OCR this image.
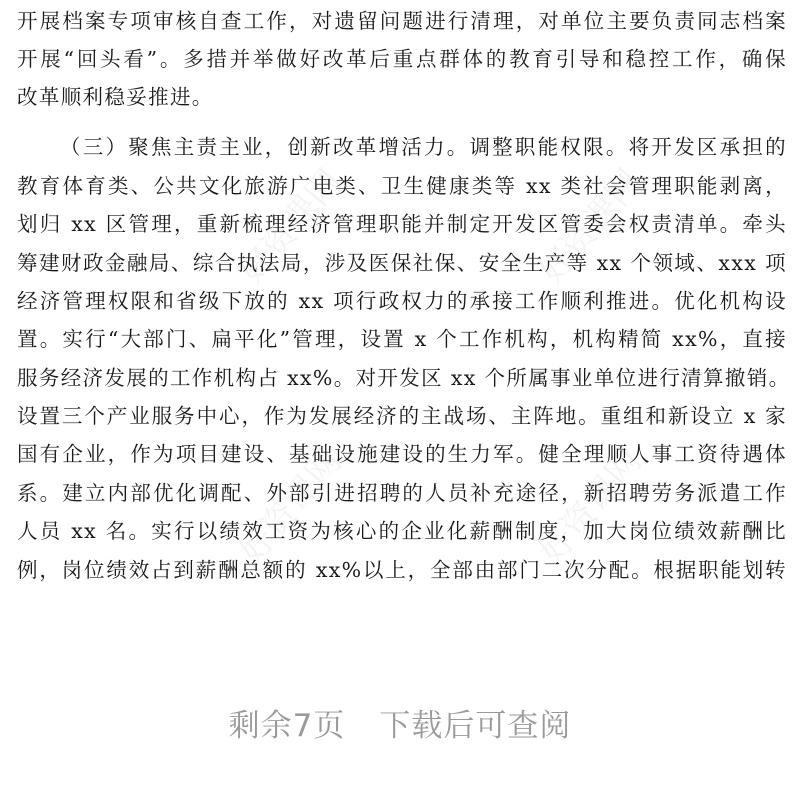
好资课网	好资课网
好资课网	好资课网
开展档案专项审核自查工作，对遗留问题进行清理，对单位主要负责同志档案
开展“回头看”。多措并举做好改革后重点群体的教育引导和稳控工作，确保
改革顺利稳妥推进。
（三）聚焦主责主业，创新改革增活力。调整职能权限。将开发区承担的
教育体育类、公共文化旅游广电类、卫生健康类等 xx 类社会管理职能剥离，
划归 xx 区管理，重新梳理经济管理职能并制定开发区管委会权责清单。牵头
筹建财政金融局、综合执法局，涉及医保社保、安全生产等 xx 个领域、xxx 项
经济管理权限和省级下放的 xx 项行政权力的承接工作顺利推进。优化机构设
置。实行“大部门、扁平化”管理，设置 x 个工作机构，机构精简 xx%，直接
服务经济发展的工作机构占 xx%。对开发区 xx 个所属事业单位进行清算撤销。
设置三个产业服务中心，作为发展经济的主战场、主阵地。重组和新设立 x 家
国有企业，作为项目建设、基础设施建设的生力军。健全理顺人事工资待遇体
系。建立内部优化调配、外部引进招聘的人员补充途径，新招聘劳务派遣工作
人员 xx 名。实行以绩效工资为核心的企业化薪酬制度，加大岗位绩效薪酬比
例，岗位绩效占到薪酬总额的 xx%以上，全部由部门二次分配。根据职能划转
剩余7页 下载后可查阅
